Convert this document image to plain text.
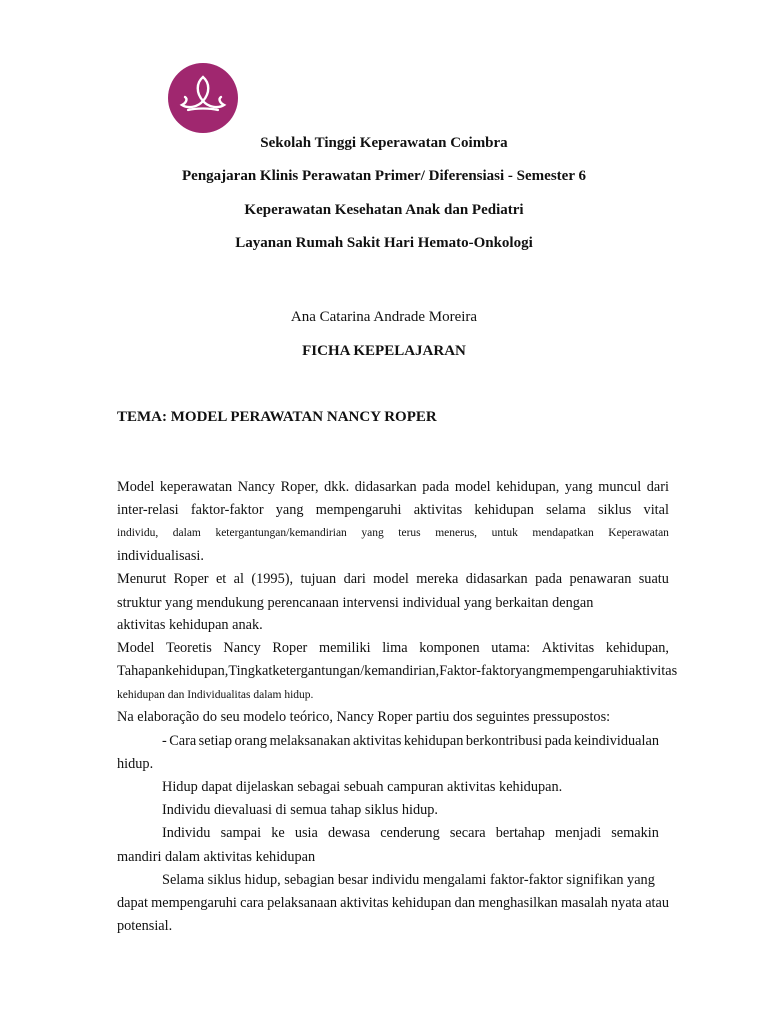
Sekolah Tinggi Keperawatan Coimbra
Pengajaran Klinis Perawatan Primer/ Diferensiasi - Semester 6
Keperawatan Kesehatan Anak dan Pediatri
Layanan Rumah Sakit Hari Hemato-Onkologi
Ana Catarina Andrade Moreira
FICHA KEPELAJARAN
TEMA: MODEL PERAWATAN NANCY ROPER
Model keperawatan Nancy Roper, dkk. didasarkan pada model kehidupan, yang muncul dari
inter-relasi faktor-faktor yang mempengaruhi aktivitas kehidupan selama siklus vital
individu, dalam ketergantungan/kemandirian yang terus menerus, untuk mendapatkan Keperawatan
individualisasi.
Menurut Roper et al (1995), tujuan dari model mereka didasarkan pada penawaran suatu
struktur yang mendukung perencanaan intervensi individual yang berkaitan dengan
aktivitas kehidupan anak.
Model Teoretis Nancy Roper memiliki lima komponen utama: Aktivitas kehidupan,
Tahapan kehidupan, Tingkat ketergantungan/kemandirian, Faktor-faktor yang mempengaruhi aktivitas
kehidupan dan Individualitas dalam hidup.
Na elaboração do seu modelo teórico, Nancy Roper partiu dos seguintes pressupostos:
- Cara setiap orang melaksanakan aktivitas kehidupan berkontribusi pada keindividualan
hidup.
Hidup dapat dijelaskan sebagai sebuah campuran aktivitas kehidupan.
Individu dievaluasi di semua tahap siklus hidup.
Individu sampai ke usia dewasa cenderung secara bertahap menjadi semakin
mandiri dalam aktivitas kehidupan
Selama siklus hidup, sebagian besar individu mengalami faktor-faktor signifikan yang
dapat mempengaruhi cara pelaksanaan aktivitas kehidupan dan menghasilkan masalah nyata atau
potensial.
